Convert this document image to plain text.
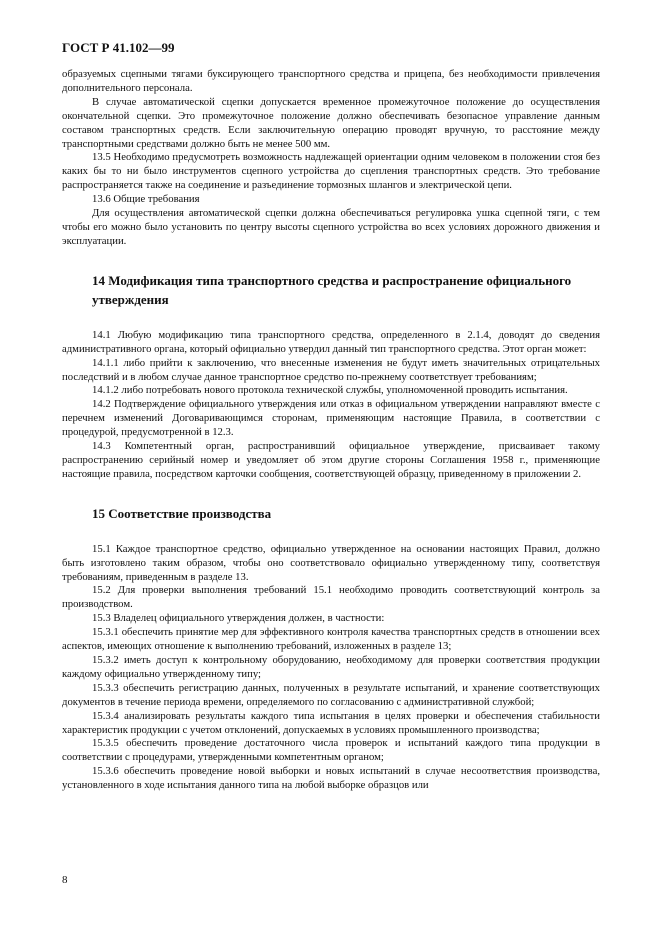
ГОСТ Р 41.102—99

образуемых сцепными тягами буксирующего транспортного средства и прицепа, без необходимости привлечения дополнительного персонала.

В случае автоматической сцепки допускается временное промежуточное положение до осуществления окончательной сцепки. Это промежуточное положение должно обеспечивать безопасное управление данным составом транспортных средств. Если заключительную операцию проводят вручную, то расстояние между транспортными средствами должно быть не менее 500 мм.

13.5 Необходимо предусмотреть возможность надлежащей ориентации одним человеком в положении стоя без каких бы то ни было инструментов сцепного устройства до сцепления транспортных средств. Это требование распространяется также на соединение и разъединение тормозных шлангов и электрической цепи.

13.6 Общие требования

Для осуществления автоматической сцепки должна обеспечиваться регулировка ушка сцепной тяги, с тем чтобы его можно было установить по центру высоты сцепного устройства во всех условиях дорожного движения и эксплуатации.

14 Модификация типа транспортного средства и распространение официального утверждения

14.1 Любую модификацию типа транспортного средства, определенного в 2.1.4, доводят до сведения административного органа, который официально утвердил данный тип транспортного средства. Этот орган может:

14.1.1 либо прийти к заключению, что внесенные изменения не будут иметь значительных отрицательных последствий и в любом случае данное транспортное средство по-прежнему соответствует требованиям;

14.1.2 либо потребовать нового протокола технической службы, уполномоченной проводить испытания.

14.2 Подтверждение официального утверждения или отказ в официальном утверждении направляют вместе с перечнем изменений Договаривающимся сторонам, применяющим настоящие Правила, в соответствии с процедурой, предусмотренной в 12.3.

14.3 Компетентный орган, распространивший официальное утверждение, присваивает такому распространению серийный номер и уведомляет об этом другие стороны Соглашения 1958 г., применяющие настоящие правила, посредством карточки сообщения, соответствующей образцу, приведенному в приложении 2.

15 Соответствие производства

15.1 Каждое транспортное средство, официально утвержденное на основании настоящих Правил, должно быть изготовлено таким образом, чтобы оно соответствовало официально утвержденному типу, соответствуя требованиям, приведенным в разделе 13.

15.2 Для проверки выполнения требований 15.1 необходимо проводить соответствующий контроль за производством.

15.3 Владелец официального утверждения должен, в частности:

15.3.1 обеспечить принятие мер для эффективного контроля качества транспортных средств в отношении всех аспектов, имеющих отношение к выполнению требований, изложенных в разделе 13;

15.3.2 иметь доступ к контрольному оборудованию, необходимому для проверки соответствия продукции каждому официально утвержденному типу;

15.3.3 обеспечить регистрацию данных, полученных в результате испытаний, и хранение соответствующих документов в течение периода времени, определяемого по согласованию с административной службой;

15.3.4 анализировать результаты каждого типа испытания в целях проверки и обеспечения стабильности характеристик продукции с учетом отклонений, допускаемых в условиях промышленного производства;

15.3.5 обеспечить проведение достаточного числа проверок и испытаний каждого типа продукции в соответствии с процедурами, утвержденными компетентным органом;

15.3.6 обеспечить проведение новой выборки и новых испытаний в случае несоответствия производства, установленного в ходе испытания данного типа на любой выборке образцов или

8
